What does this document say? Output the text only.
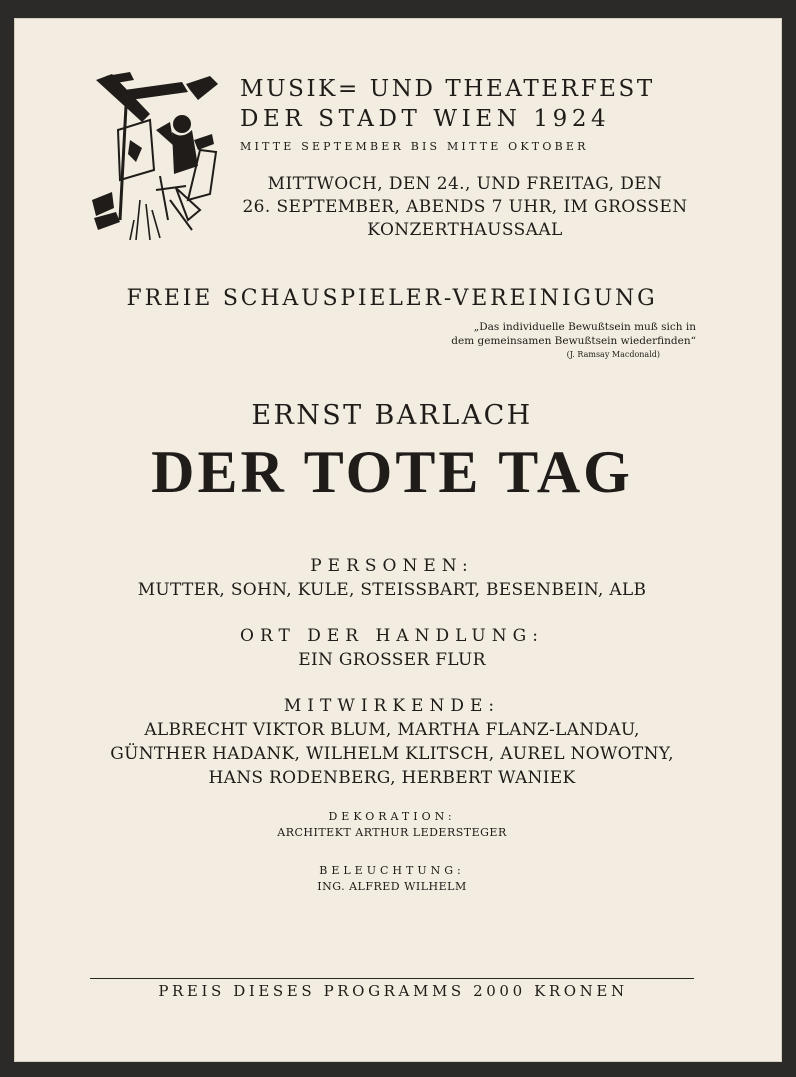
MUSIK= UND THEATERFEST
DER STADT WIEN 1924
MITTE SEPTEMBER BIS MITTE OKTOBER
MITTWOCH, DEN 24., UND FREITAG, DEN
26. SEPTEMBER, ABENDS 7 UHR, IM GROSSEN
KONZERTHAUSSAAL
FREIE SCHAUSPIELER-VEREINIGUNG
„Das individuelle Bewußtsein muß sich in
dem gemeinsamen Bewußtsein wiederfinden“
(J. Ramsay Macdonald)
ERNST BARLACH
DER TOTE TAG
PERSONEN:
MUTTER, SOHN, KULE, STEISSBART, BESENBEIN, ALB
ORT DER HANDLUNG:
EIN GROSSER FLUR
MITWIRKENDE:
ALBRECHT VIKTOR BLUM, MARTHA FLANZ-LANDAU,
GÜNTHER HADANK, WILHELM KLITSCH, AUREL NOWOTNY,
HANS RODENBERG, HERBERT WANIEK
DEKORATION:
ARCHITEKT ARTHUR LEDERSTEGER
BELEUCHTUNG:
ING. ALFRED WILHELM
PREIS DIESES PROGRAMMS 2000 KRONEN
